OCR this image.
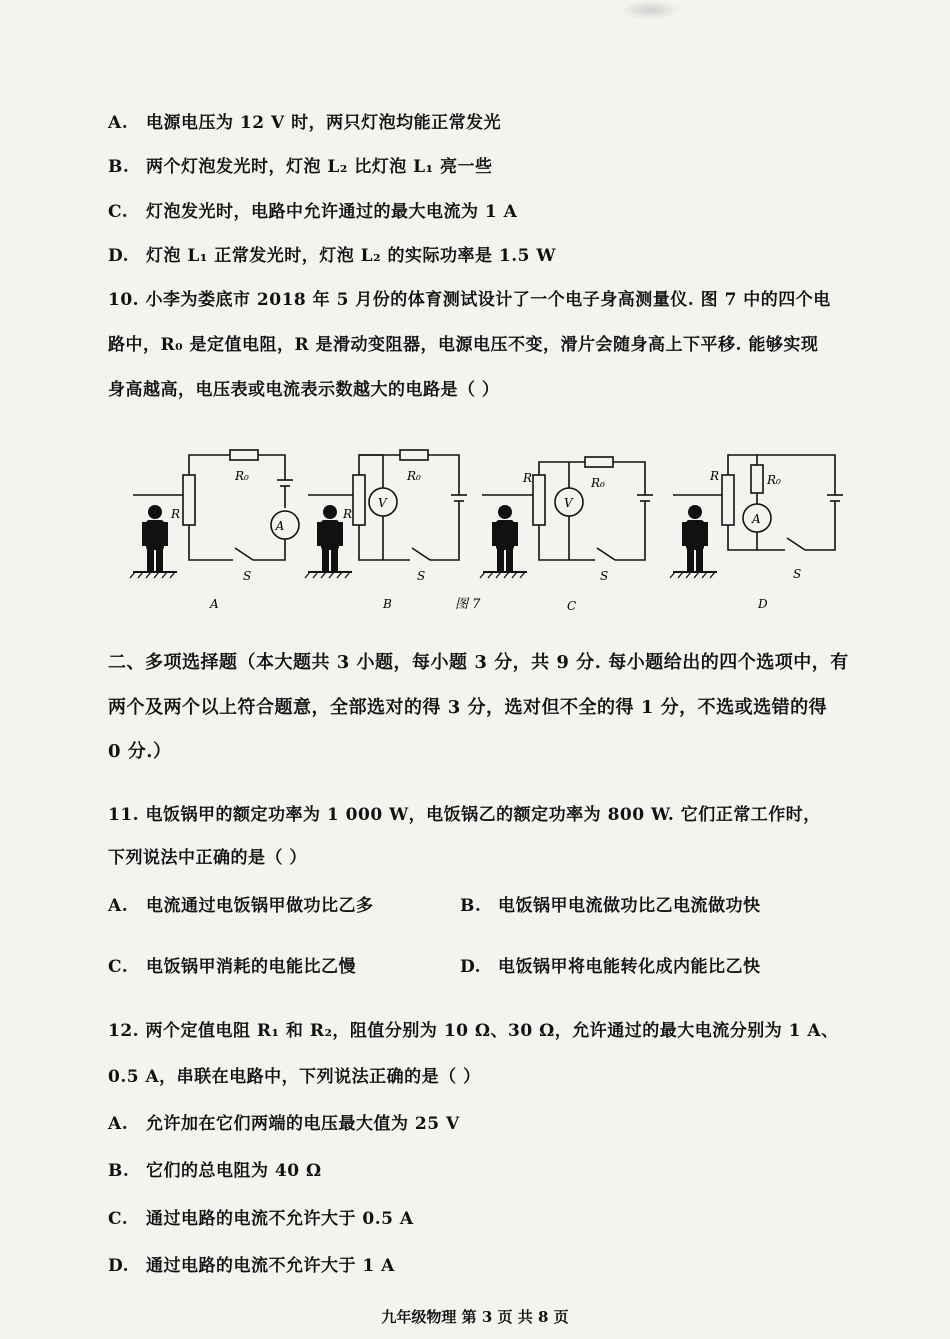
A. 电源电压为 12 V 时，两只灯泡均能正常发光
B. 两个灯泡发光时，灯泡 L₂ 比灯泡 L₁ 亮一些
C. 灯泡发光时，电路中允许通过的最大电流为 1 A
D. 灯泡 L₁ 正常发光时，灯泡 L₂ 的实际功率是 1.5 W
10. 小李为娄底市 2018 年 5 月份的体育测试设计了一个电子身高测量仪. 图 7 中的四个电
路中，R₀ 是定值电阻，R 是滑动变阻器，电源电压不变，滑片会随身高上下平移. 能够实现
身高越高，电压表或电流表示数越大的电路是（ ）
A
R₀
R
S
A
V
R₀
R
S
B	图 7
V
R₀
R
S
C
A
R₀
R
S
D
二、多项选择题（本大题共 3 小题，每小题 3 分，共 9 分. 每小题给出的四个选项中，有
两个及两个以上符合题意，全部选对的得 3 分，选对但不全的得 1 分，不选或选错的得
0 分.）
11. 电饭锅甲的额定功率为 1 000 W，电饭锅乙的额定功率为 800 W. 它们正常工作时，
下列说法中正确的是（ ）
A. 电流通过电饭锅甲做功比乙多	B. 电饭锅甲电流做功比乙电流做功快
C. 电饭锅甲消耗的电能比乙慢	D. 电饭锅甲将电能转化成内能比乙快
12. 两个定值电阻 R₁ 和 R₂，阻值分别为 10 Ω、30 Ω，允许通过的最大电流分别为 1 A、
0.5 A，串联在电路中，下列说法正确的是（ ）
A. 允许加在它们两端的电压最大值为 25 V
B. 它们的总电阻为 40 Ω
C. 通过电路的电流不允许大于 0.5 A
D. 通过电路的电流不允许大于 1 A
九年级物理 第 3 页 共 8 页
